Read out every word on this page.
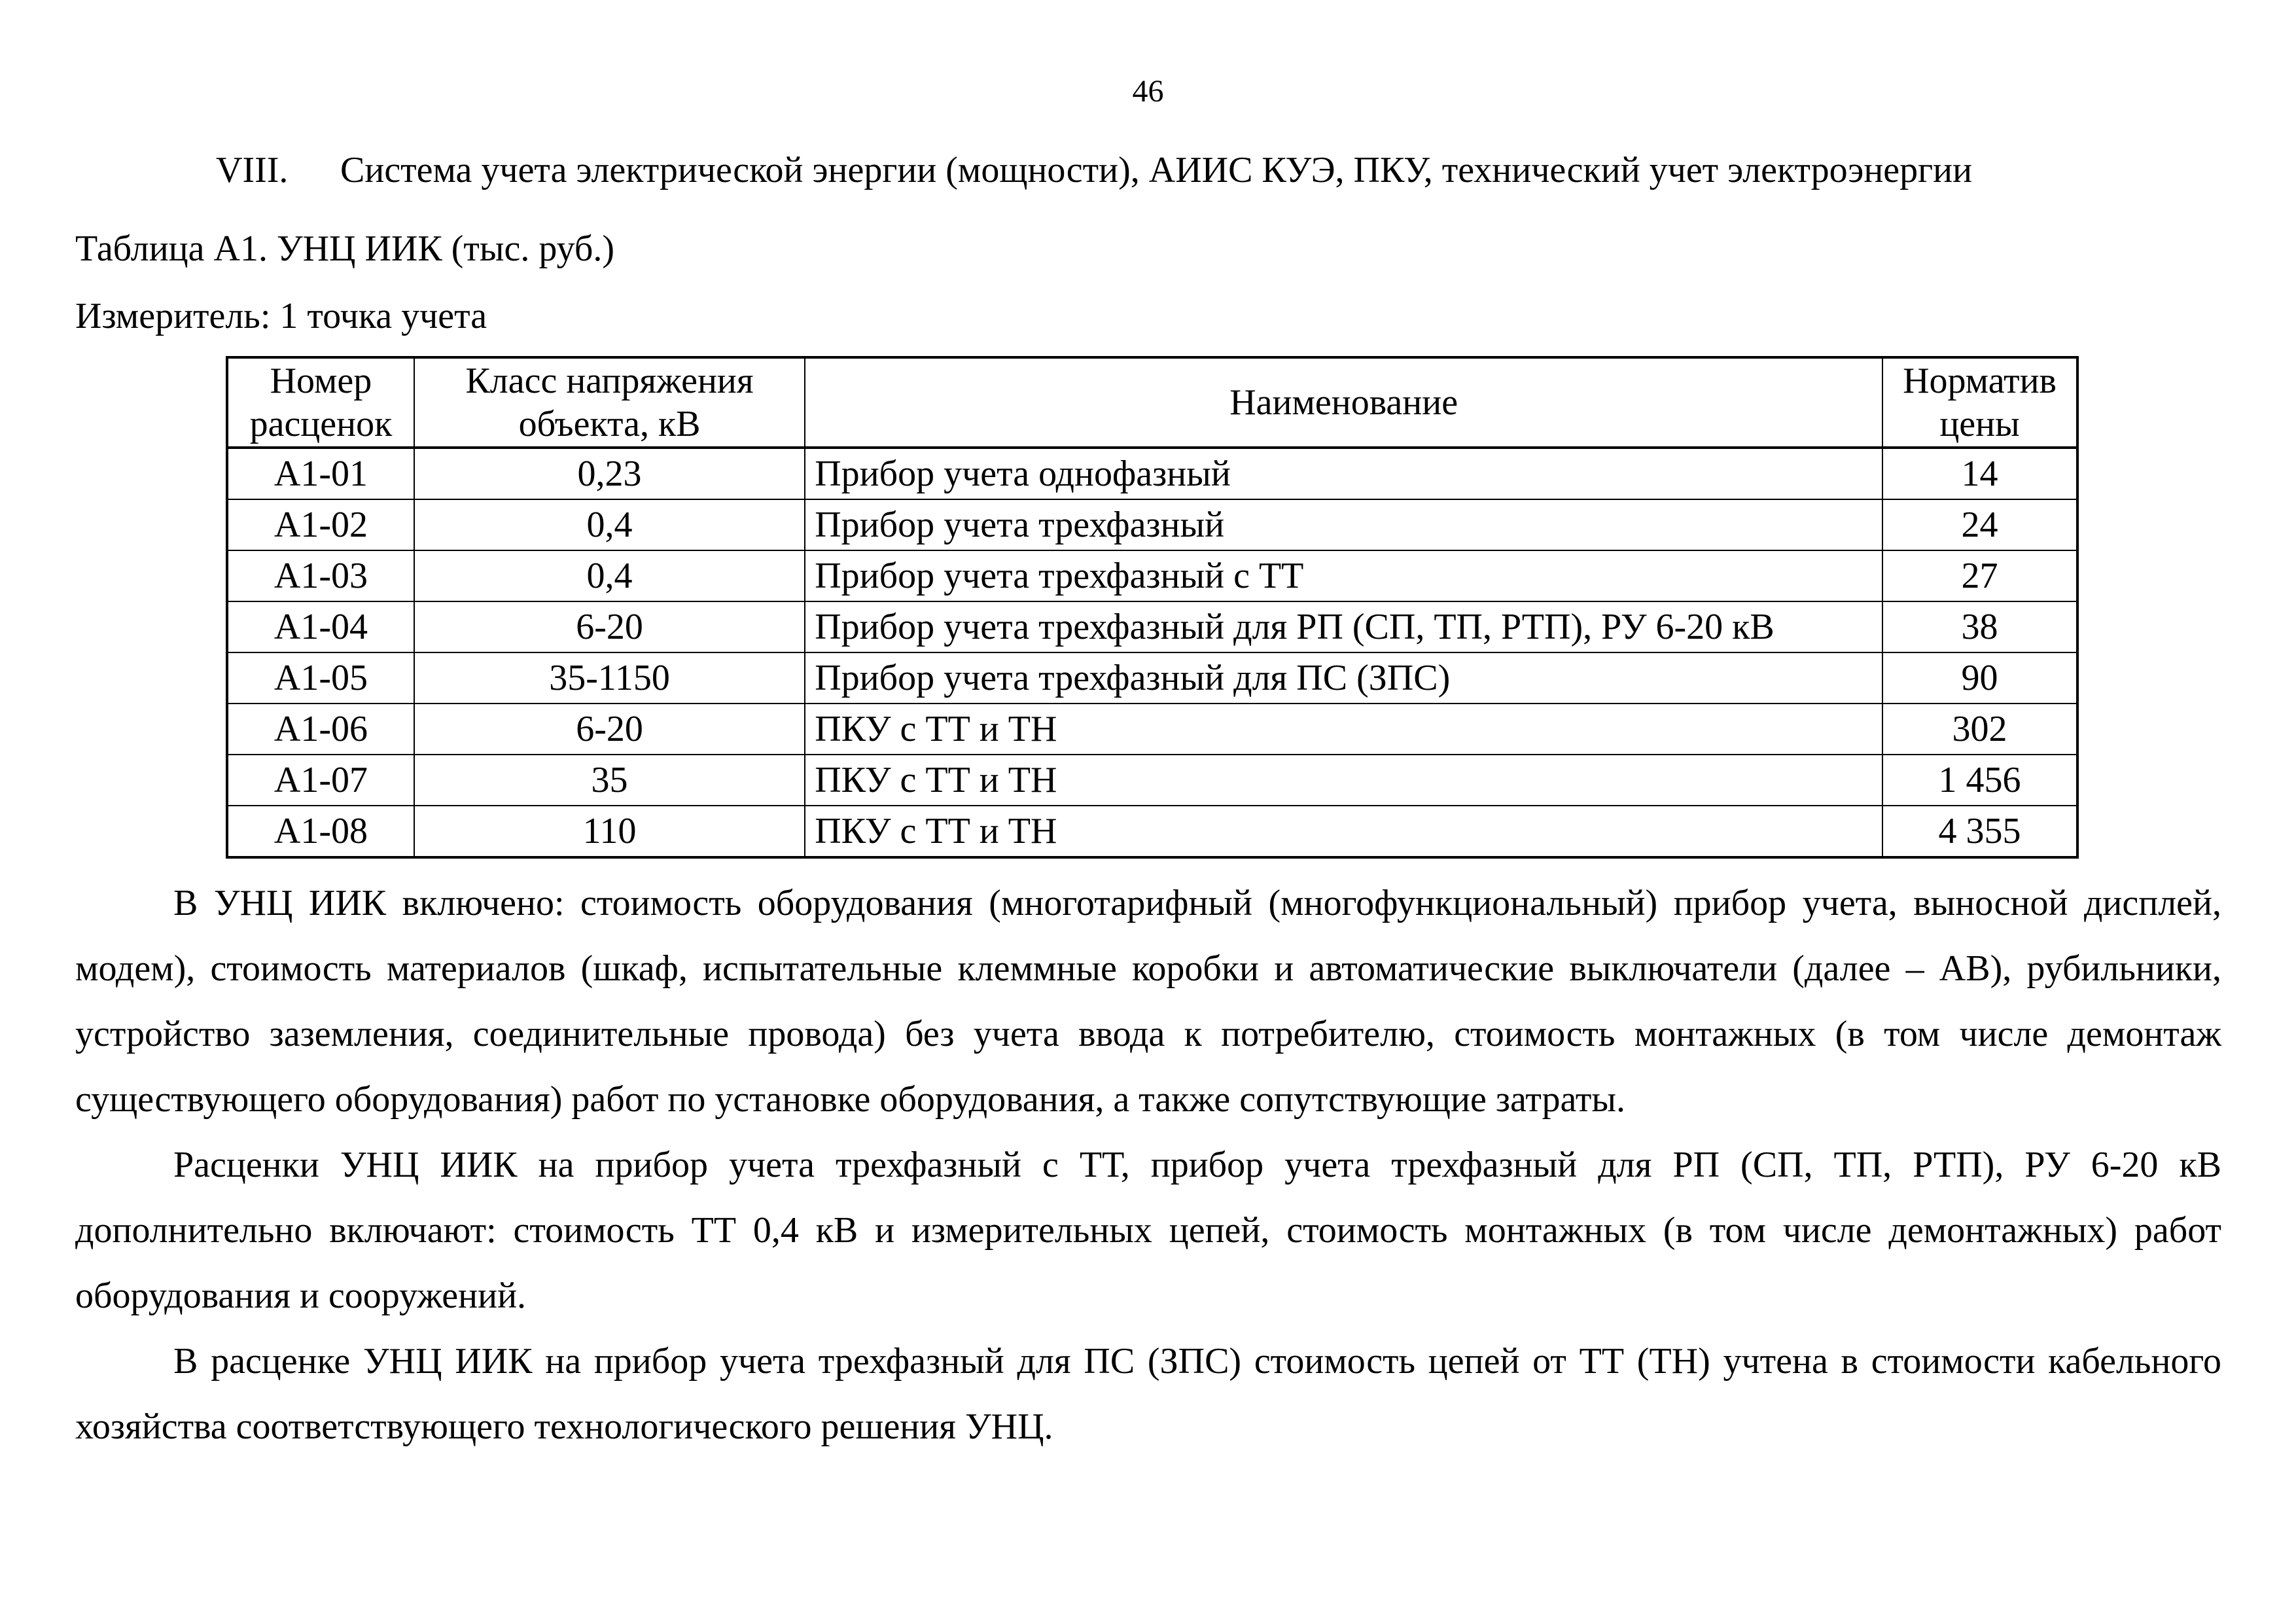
46
VIII. Система учета электрической энергии (мощности), АИИС КУЭ, ПКУ, технический учет электроэнергии
Таблица A1. УНЦ ИИК (тыс. руб.)
Измеритель: 1 точка учета
Номер расценок	Класс напряжения объекта, кВ	Наименование	Норматив цены
A1-01	0,23	Прибор учета однофазный	14
A1-02	0,4	Прибор учета трехфазный	24
A1-03	0,4	Прибор учета трехфазный с ТТ	27
A1-04	6-20	Прибор учета трехфазный для РП (СП, ТП, РТП), РУ 6-20 кВ	38
A1-05	35-1150	Прибор учета трехфазный для ПС (ЗПС)	90
A1-06	6-20	ПКУ с ТТ и ТН	302
A1-07	35	ПКУ с ТТ и ТН	1 456
A1-08	110	ПКУ с ТТ и ТН	4 355

В УНЦ ИИК включено: стоимость оборудования (многотарифный (многофункциональный) прибор учета, выносной дисплей, модем), стоимость материалов (шкаф, испытательные клеммные коробки и автоматические выключатели (далее – АВ), рубильники, устройство заземления, соединительные провода) без учета ввода к потребителю, стоимость монтажных (в том числе демонтаж существующего оборудования) работ по установке оборудования, а также сопутствующие затраты.

Расценки УНЦ ИИК на прибор учета трехфазный с ТТ, прибор учета трехфазный для РП (СП, ТП, РТП), РУ 6-20 кВ дополнительно включают: стоимость ТТ 0,4 кВ и измерительных цепей, стоимость монтажных (в том числе демонтажных) работ оборудования и сооружений.

В расценке УНЦ ИИК на прибор учета трехфазный для ПС (ЗПС) стоимость цепей от ТТ (ТН) учтена в стоимости кабельного хозяйства соответствующего технологического решения УНЦ.
